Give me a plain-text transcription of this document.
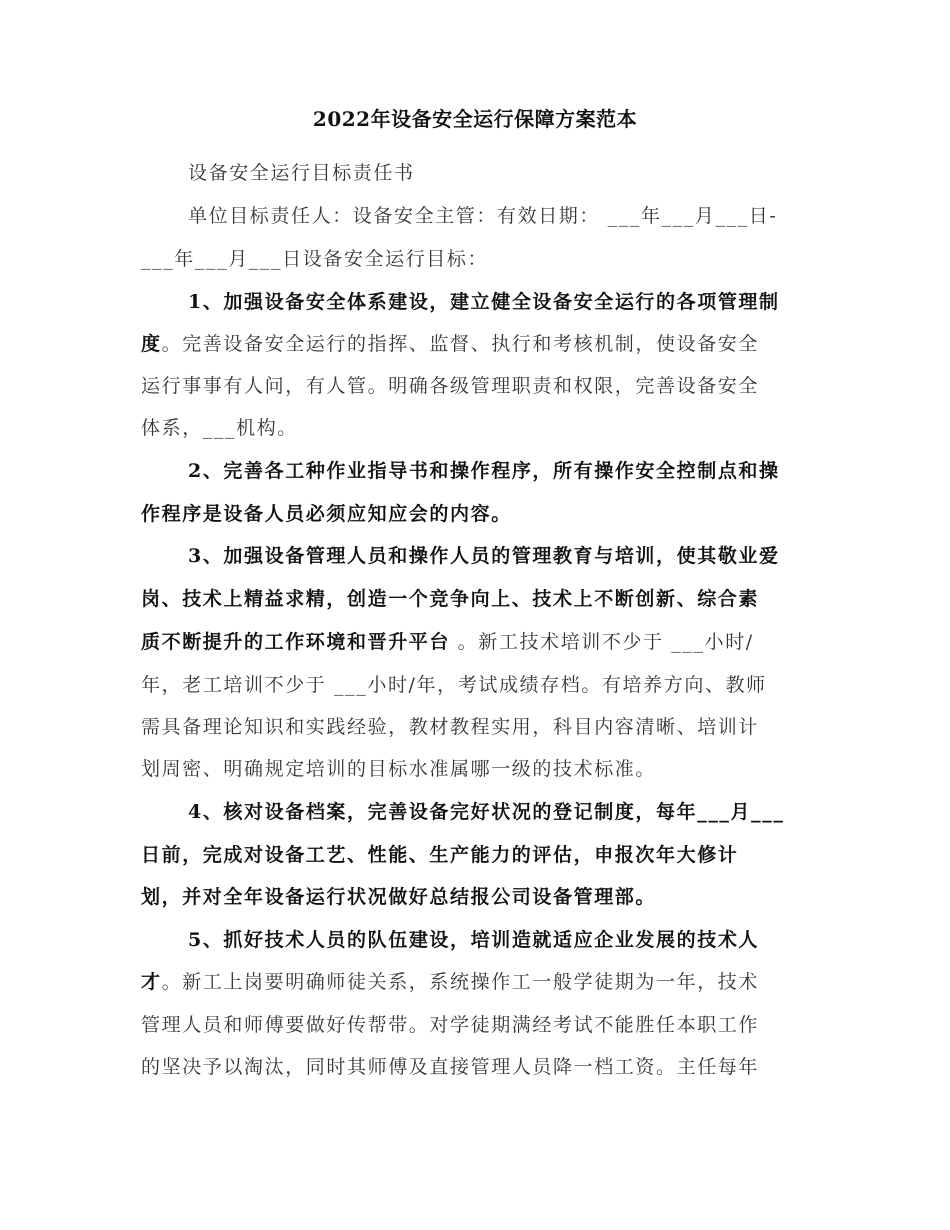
2022年设备安全运行保障方案范本
设备安全运行目标责任书
单位目标责任人：设备安全主管：有效日期： ___年___月___日-
___年___月___日设备安全运行目标：
1、加强设备安全体系建设，建立健全设备安全运行的各项管理制
度。完善设备安全运行的指挥、监督、执行和考核机制，使设备安全
运行事事有人问，有人管。明确各级管理职责和权限，完善设备安全
体系，___机构。
2、完善各工种作业指导书和操作程序，所有操作安全控制点和操
作程序是设备人员必须应知应会的内容。
3、加强设备管理人员和操作人员的管理教育与培训，使其敬业爱
岗、技术上精益求精，创造一个竞争向上、技术上不断创新、综合素
质不断提升的工作环境和晋升平台 。新工技术培训不少于 ___小时/
年，老工培训不少于 ___小时/年，考试成绩存档。有培养方向、教师
需具备理论知识和实践经验，教材教程实用，科目内容清晰、培训计
划周密、明确规定培训的目标水准属哪一级的技术标准。
4、核对设备档案，完善设备完好状况的登记制度，每年___月___
日前，完成对设备工艺、性能、生产能力的评估，申报次年大修计
划，并对全年设备运行状况做好总结报公司设备管理部。
5、抓好技术人员的队伍建设，培训造就适应企业发展的技术人
才。新工上岗要明确师徒关系，系统操作工一般学徒期为一年，技术
管理人员和师傅要做好传帮带。对学徒期满经考试不能胜任本职工作
的坚决予以淘汰，同时其师傅及直接管理人员降一档工资。主任每年
